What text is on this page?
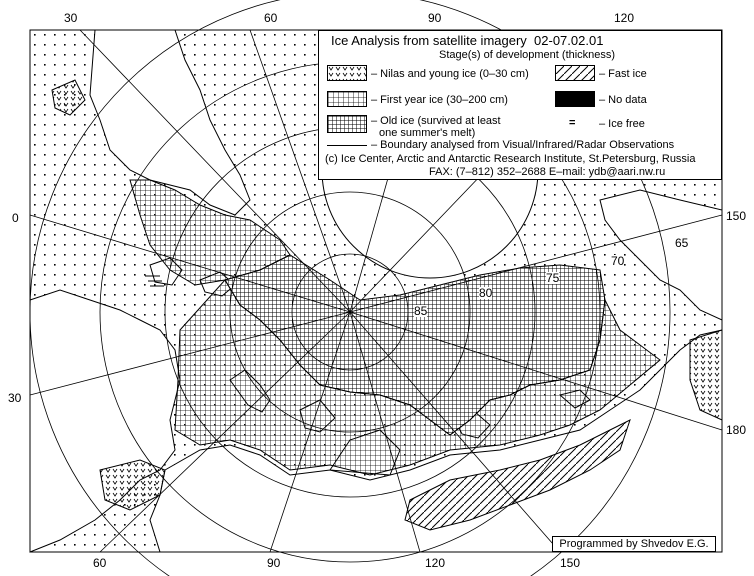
30	60	90	120
60	90	120	150
0
30
150
180
85
80
75
70
65
Ice Analysis from satellite imagery 02-07.02.01
Stage(s) of development (thickness)
– Nilas and young ice (0–30 cm)	– Fast ice
– First year ice (30–200 cm)	– No data
– Old ice (survived at least
one summer's melt)
= – Ice free
– Boundary analysed from Visual/Infrared/Radar Observations
(c) Ice Center, Arctic and Antarctic Research Institute, St.Petersburg, Russia
FAX: (7–812) 352–2688 E–mail: ydb@aari.nw.ru
Programmed by Shvedov E.G.
